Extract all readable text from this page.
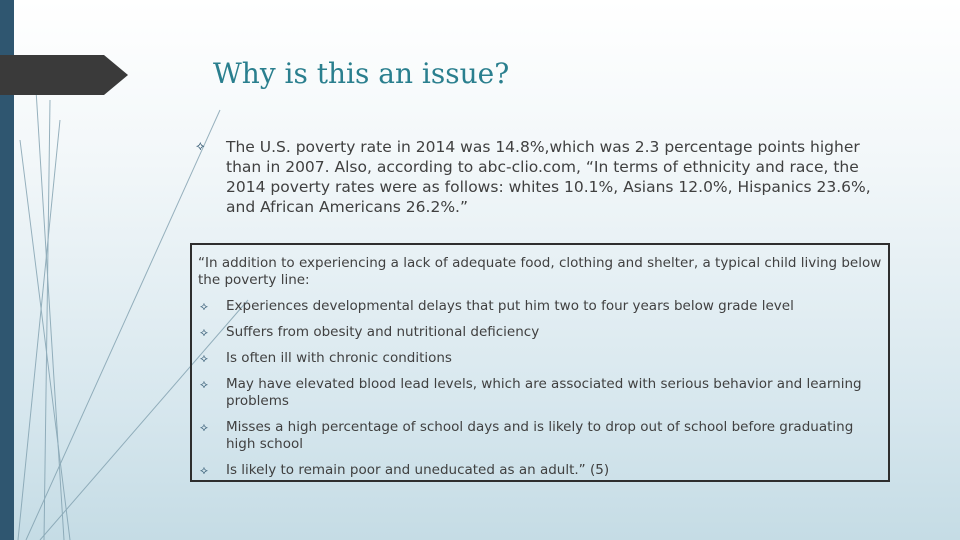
Why is this an issue?
⟡	The U.S. poverty rate in 2014 was 14.8%,which was 2.3 percentage points higher than in 2007. Also, according to abc-clio.com, “In terms of ethnicity and race, the 2014 poverty rates were as follows: whites 10.1%, Asians 12.0%, Hispanics 23.6%, and African Americans 26.2%.”

“In addition to experiencing a lack of adequate food, clothing and shelter, a typical child living below the poverty line:

⟡	Experiences developmental delays that put him two to four years below grade level
⟡	Suffers from obesity and nutritional deficiency
⟡	Is often ill with chronic conditions
⟡	May have elevated blood lead levels, which are associated with serious behavior and learning problems
⟡	Misses a high percentage of school days and is likely to drop out of school before graduating high school
⟡	Is likely to remain poor and uneducated as an adult.” (5)
